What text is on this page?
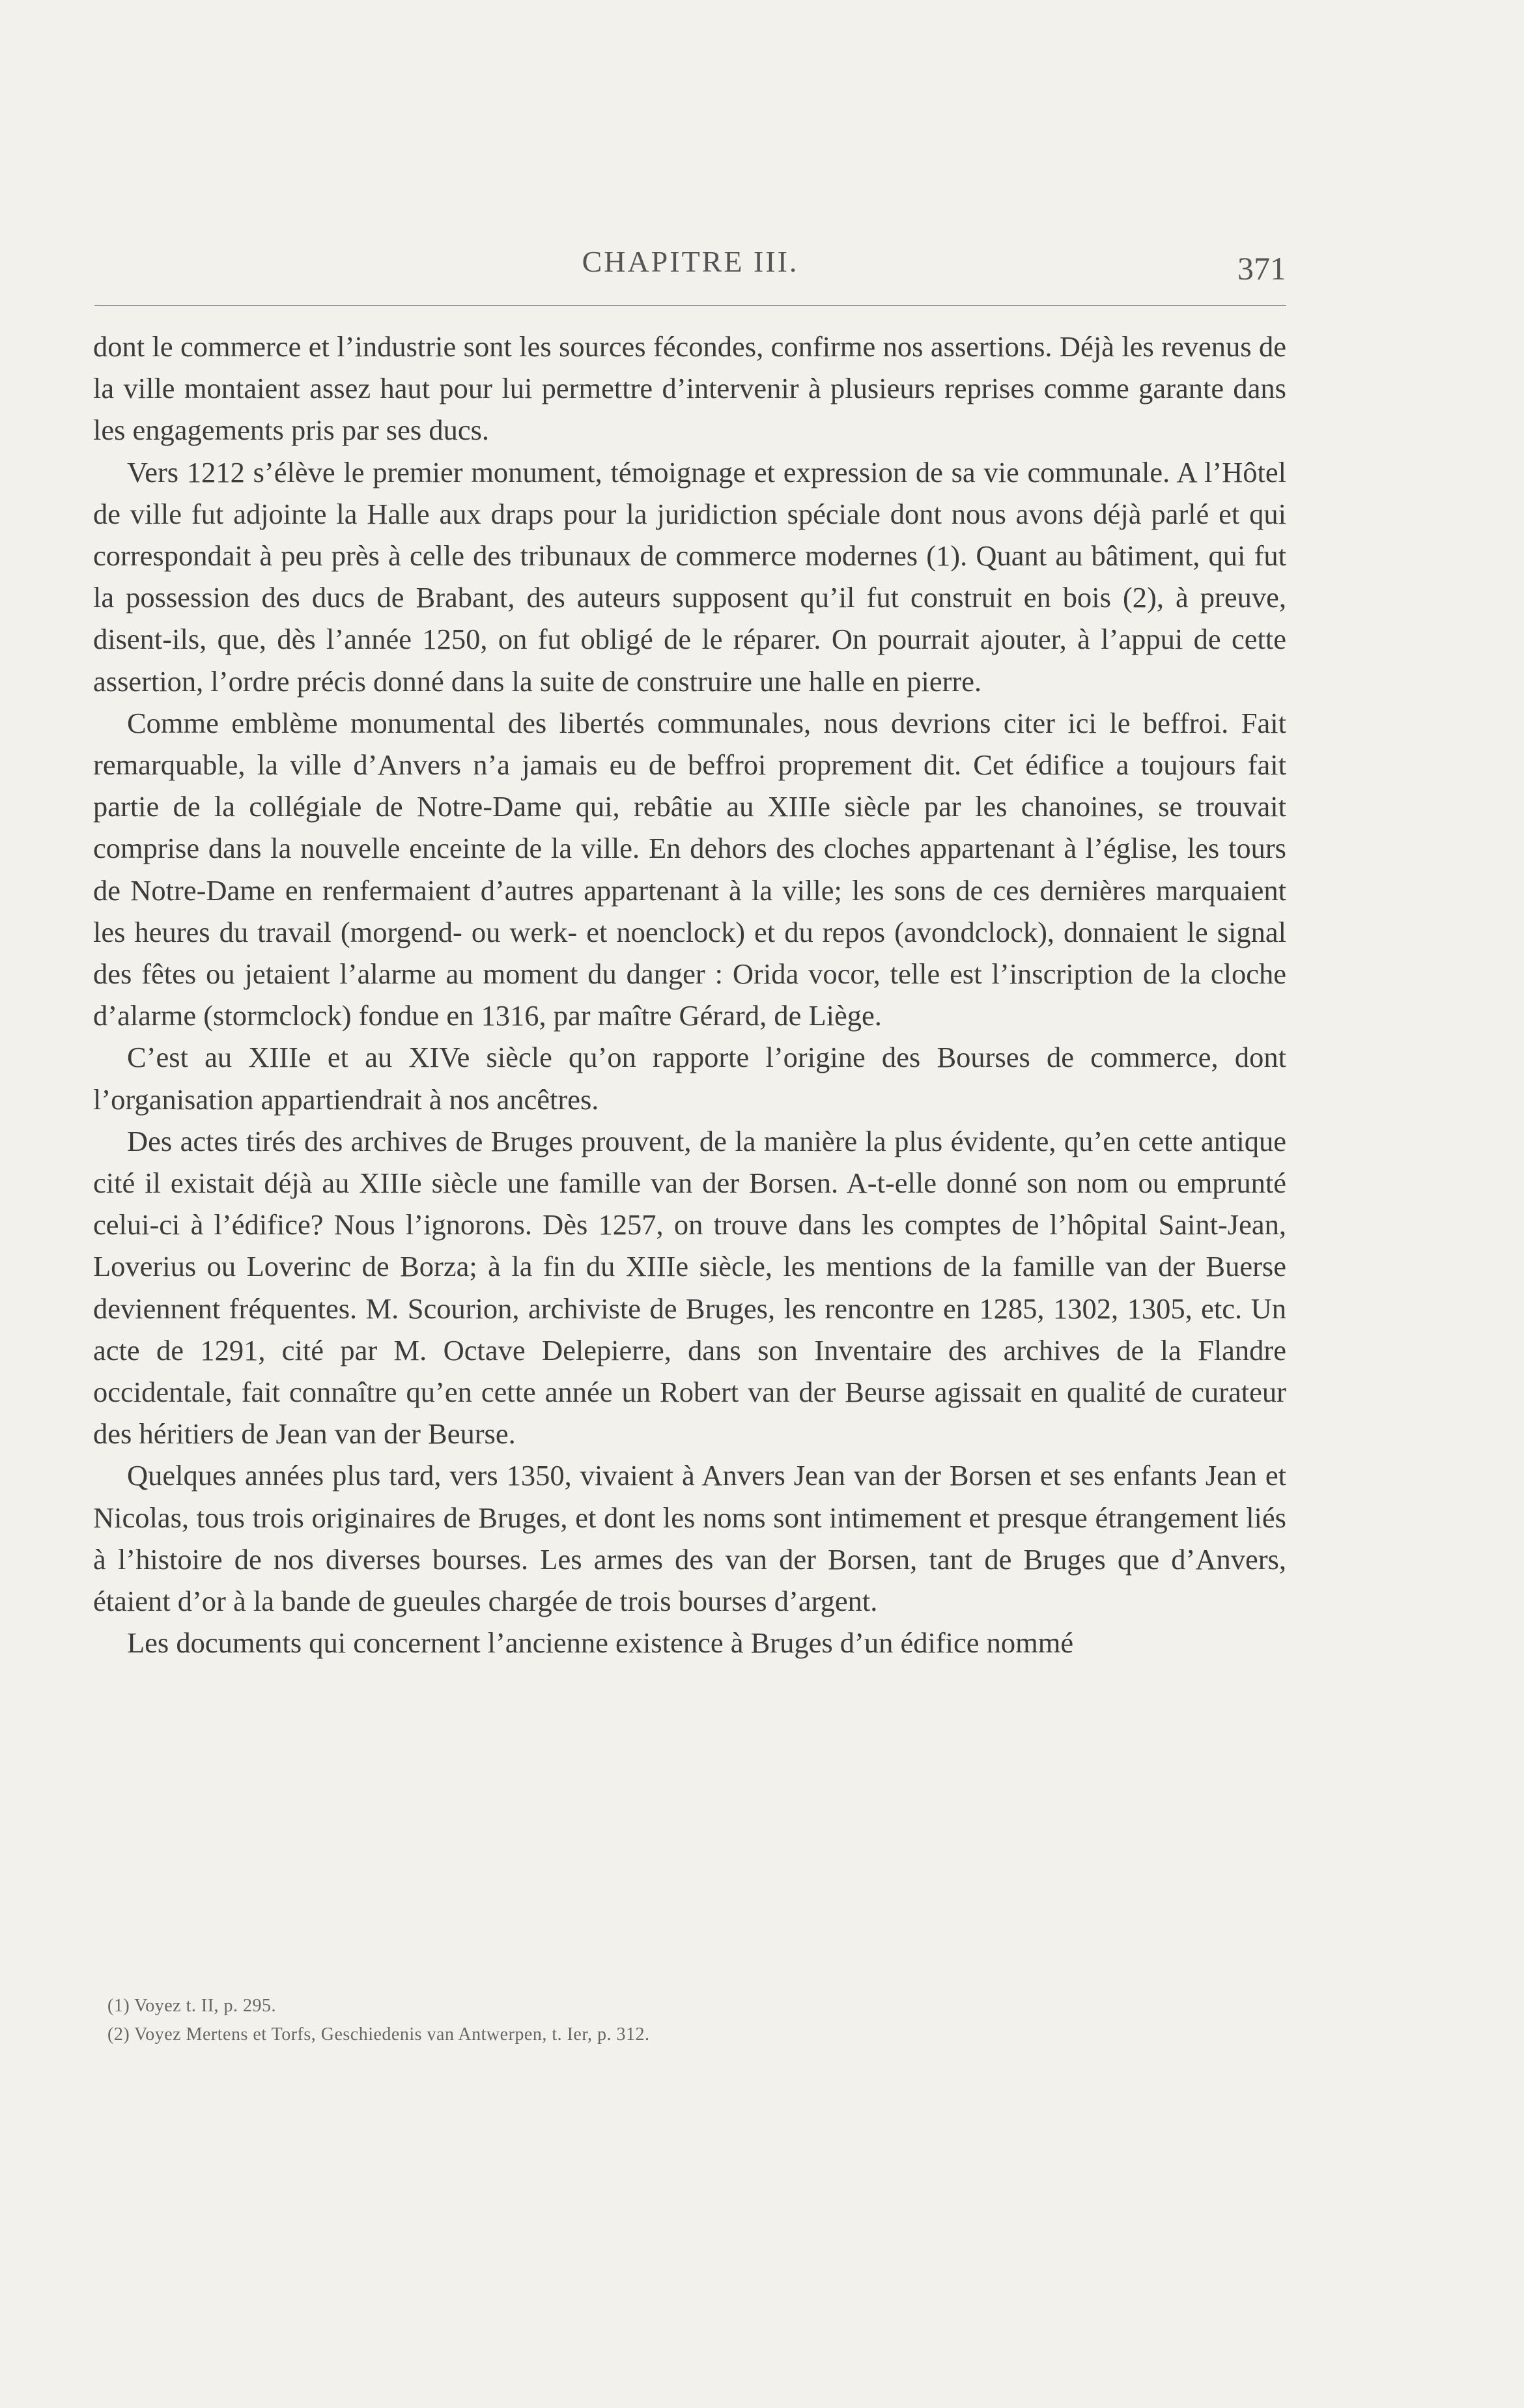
CHAPITRE III.	371

dont le commerce et l’industrie sont les sources fécondes, confirme nos assertions. Déjà les revenus de la ville montaient assez haut pour lui permettre d’intervenir à plusieurs reprises comme garante dans les engagements pris par ses ducs.

Vers 1212 s’élève le premier monument, témoignage et expression de sa vie communale. A l’Hôtel de ville fut adjointe la Halle aux draps pour la juridiction spéciale dont nous avons déjà parlé et qui correspondait à peu près à celle des tribunaux de commerce modernes (1). Quant au bâtiment, qui fut la possession des ducs de Brabant, des auteurs supposent qu’il fut construit en bois (2), à preuve, disent-ils, que, dès l’année 1250, on fut obligé de le réparer. On pourrait ajouter, à l’appui de cette assertion, l’ordre précis donné dans la suite de construire une halle en pierre.

Comme emblème monumental des libertés communales, nous devrions citer ici le beffroi. Fait remarquable, la ville d’Anvers n’a jamais eu de beffroi proprement dit. Cet édifice a toujours fait partie de la collégiale de Notre-Dame qui, rebâtie au XIIIe siècle par les chanoines, se trouvait comprise dans la nouvelle enceinte de la ville. En dehors des cloches appartenant à l’église, les tours de Notre-Dame en renfermaient d’autres appartenant à la ville; les sons de ces dernières marquaient les heures du travail (morgend- ou werk- et noenclock) et du repos (avondclock), donnaient le signal des fêtes ou jetaient l’alarme au moment du danger : Orida vocor, telle est l’inscription de la cloche d’alarme (stormclock) fondue en 1316, par maître Gérard, de Liège.

C’est au XIIIe et au XIVe siècle qu’on rapporte l’origine des Bourses de commerce, dont l’organisation appartiendrait à nos ancêtres.

Des actes tirés des archives de Bruges prouvent, de la manière la plus évidente, qu’en cette antique cité il existait déjà au XIIIe siècle une famille van der Borsen. A-t-elle donné son nom ou emprunté celui-ci à l’édifice? Nous l’ignorons. Dès 1257, on trouve dans les comptes de l’hôpital Saint-Jean, Loverius ou Loverinc de Borza; à la fin du XIIIe siècle, les mentions de la famille van der Buerse deviennent fréquentes. M. Scourion, archiviste de Bruges, les rencontre en 1285, 1302, 1305, etc. Un acte de 1291, cité par M. Octave Delepierre, dans son Inventaire des archives de la Flandre occidentale, fait connaître qu’en cette année un Robert van der Beurse agissait en qualité de curateur des héritiers de Jean van der Beurse.

Quelques années plus tard, vers 1350, vivaient à Anvers Jean van der Borsen et ses enfants Jean et Nicolas, tous trois originaires de Bruges, et dont les noms sont intimement et presque étrangement liés à l’histoire de nos diverses bourses. Les armes des van der Borsen, tant de Bruges que d’Anvers, étaient d’or à la bande de gueules chargée de trois bourses d’argent.

Les documents qui concernent l’ancienne existence à Bruges d’un édifice nommé

(1) Voyez t. II, p. 295.

(2) Voyez Mertens et Torfs, Geschiedenis van Antwerpen, t. Ier, p. 312.
